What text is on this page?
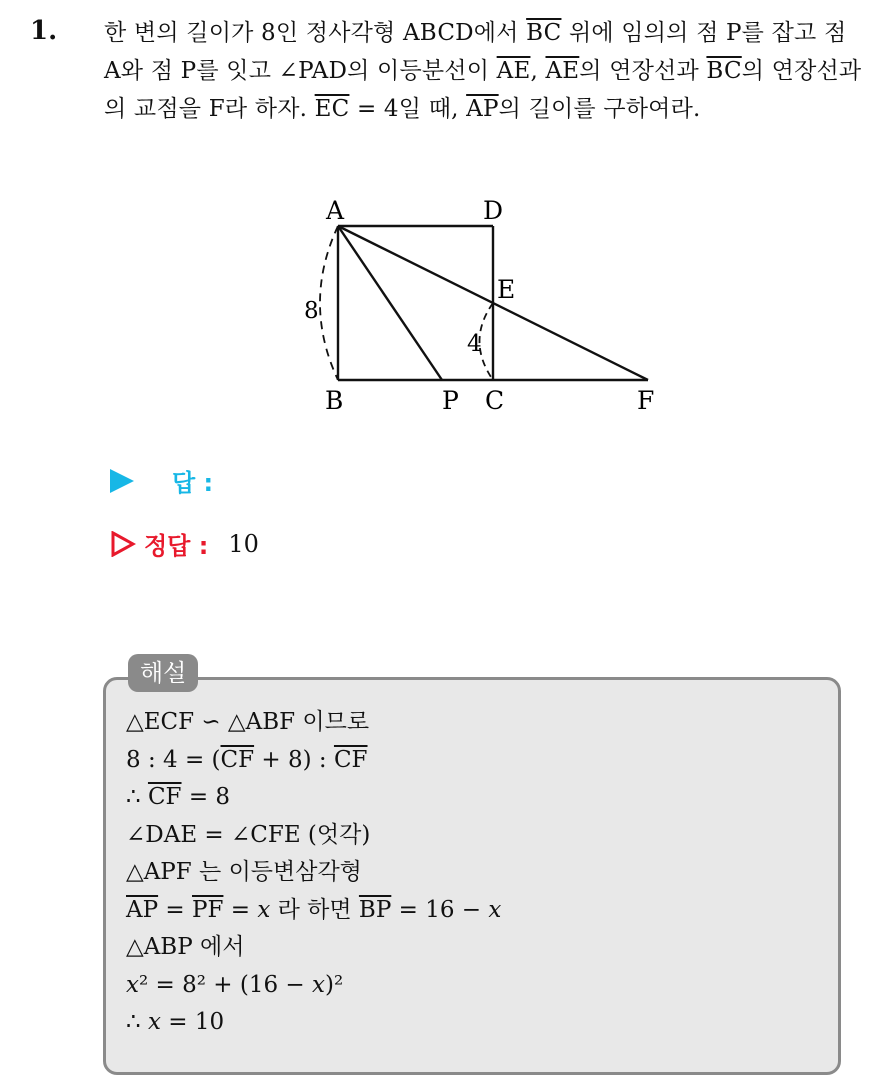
1. 한 변의 길이가 8인 정사각형 ABCD에서 $\overline{BC}$ 위에 임의의 점 P를 잡고 점 A와 점 P를 잇고 ∠PAD의 이등분선이 $\overline{AE}$, $\overline{AE}$의 연장선과 $\overline{BC}$의 연장선과의 교점을 F라 하자. $\overline{EC} = 4$일 때, $\overline{AP}$의 길이를 구하여라.
A	D
E
B	P C	F
8
4
답 :
정답 : 10
해설
△ECF ∽ △ABF 이므로
8 : $4 = (\overline{CF} + 8)$ : $\overline{CF}$
∴ $\overline{CF} = 8$
∠DAE = ∠CFE (엇각)
△APF 는 이등변삼각형
$\overline{AP} = \overline{PF} = x$ 라 하면 $\overline{BP} = 16 - x$
△ABP 에서
x² = 8² + (16 − x)²
∴ x = 10
